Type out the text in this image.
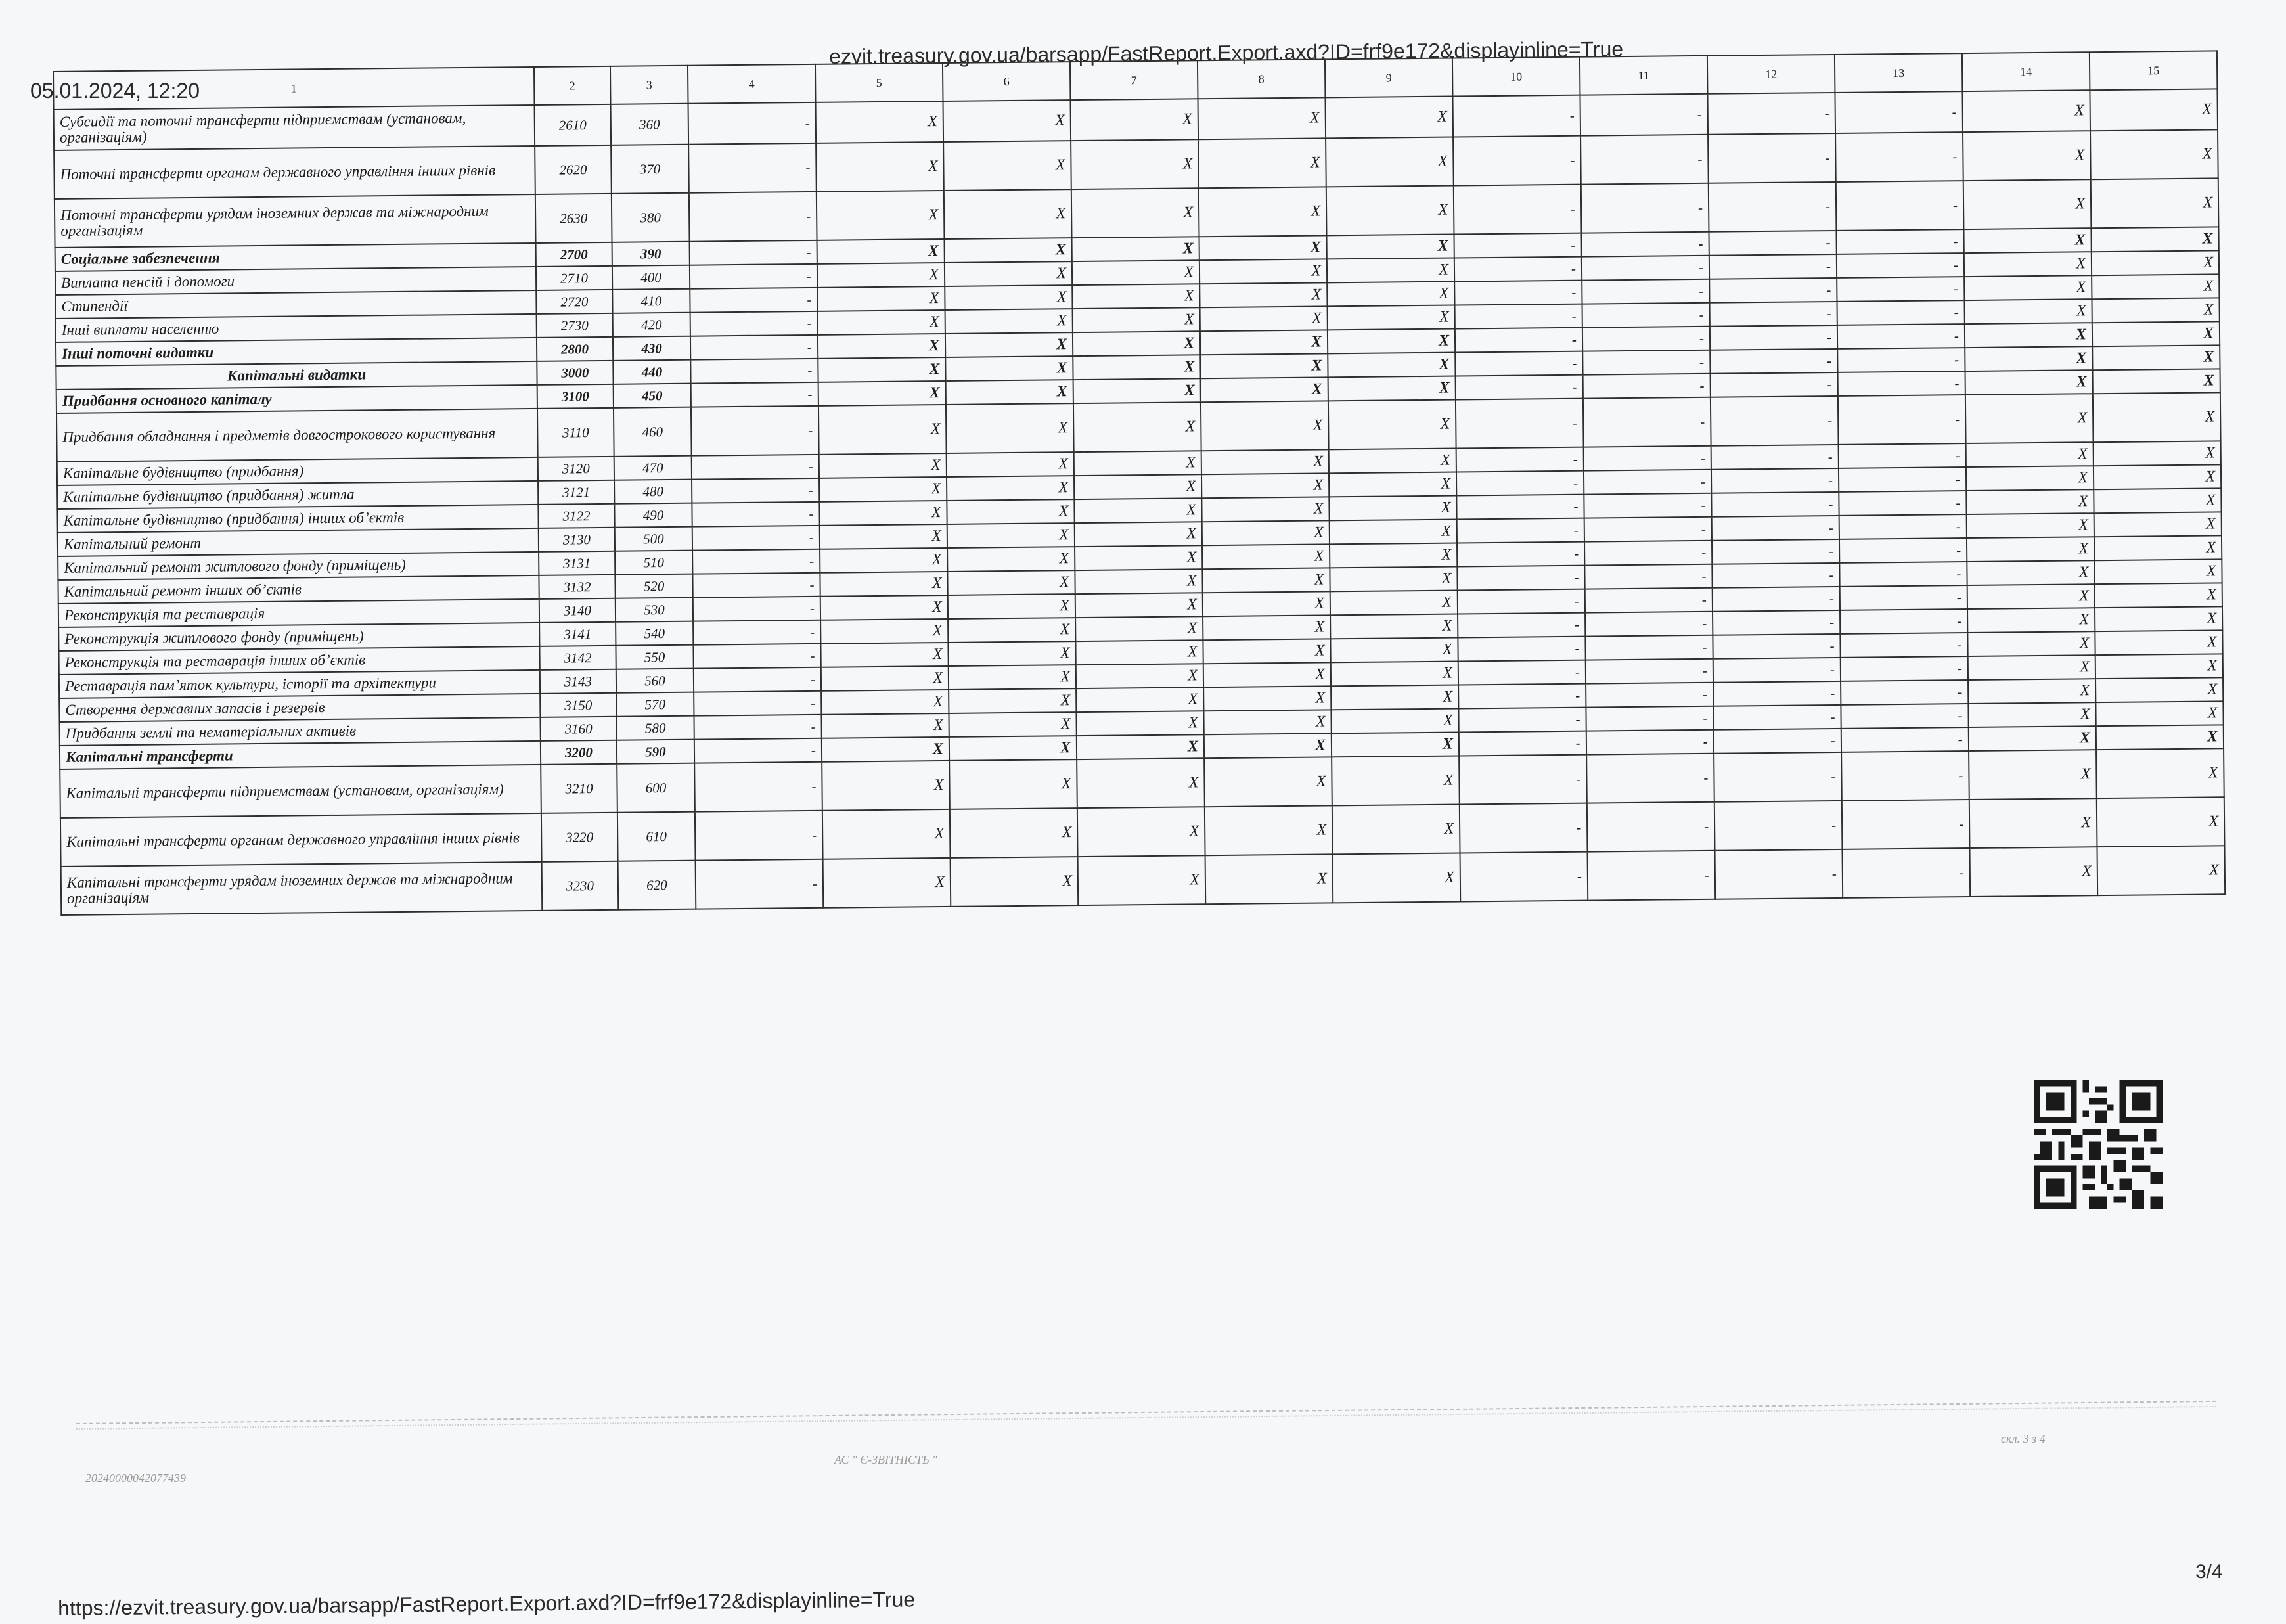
05.01.2024, 12:20
ezvit.treasury.gov.ua/barsapp/FastReport.Export.axd?ID=frf9e172&displayinline=True
1	2	3	4	5	6	7	8	9	10	11	12	13	14	15
Субсидії та поточні трансферти підприємствам (установам, організаціям)	2610	360	-	X	X	X	X	X	-	-	-	-	X	X
Поточні трансферти органам державного управління інших рівнів	2620	370	-	X	X	X	X	X	-	-	-	-	X	X
Поточні трансферти урядам іноземних держав та міжнародним організаціям	2630	380	-	X	X	X	X	X	-	-	-	-	X	X
Соціальне забезпечення	2700	390	-	X	X	X	X	X	-	-	-	-	X	X
Виплата пенсій і допомоги	2710	400	-	X	X	X	X	X	-	-	-	-	X	X
Стипендії	2720	410	-	X	X	X	X	X	-	-	-	-	X	X
Інші виплати населенню	2730	420	-	X	X	X	X	X	-	-	-	-	X	X
Інші поточні видатки	2800	430	-	X	X	X	X	X	-	-	-	-	X	X
Капітальні видатки	3000	440	-	X	X	X	X	X	-	-	-	-	X	X
Придбання основного капіталу	3100	450	-	X	X	X	X	X	-	-	-	-	X	X
Придбання обладнання і предметів довгострокового користування	3110	460	-	X	X	X	X	X	-	-	-	-	X	X
Капітальне будівництво (придбання)	3120	470	-	X	X	X	X	X	-	-	-	-	X	X
Капітальне будівництво (придбання) житла	3121	480	-	X	X	X	X	X	-	-	-	-	X	X
Капітальне будівництво (придбання) інших об’єктів	3122	490	-	X	X	X	X	X	-	-	-	-	X	X
Капітальний ремонт	3130	500	-	X	X	X	X	X	-	-	-	-	X	X
Капітальний ремонт житлового фонду (приміщень)	3131	510	-	X	X	X	X	X	-	-	-	-	X	X
Капітальний ремонт інших об’єктів	3132	520	-	X	X	X	X	X	-	-	-	-	X	X
Реконструкція та реставрація	3140	530	-	X	X	X	X	X	-	-	-	-	X	X
Реконструкція житлового фонду (приміщень)	3141	540	-	X	X	X	X	X	-	-	-	-	X	X
Реконструкція та реставрація інших об’єктів	3142	550	-	X	X	X	X	X	-	-	-	-	X	X
Реставрація пам’яток культури, історії та архітектури	3143	560	-	X	X	X	X	X	-	-	-	-	X	X
Створення державних запасів і резервів	3150	570	-	X	X	X	X	X	-	-	-	-	X	X
Придбання землі та нематеріальних активів	3160	580	-	X	X	X	X	X	-	-	-	-	X	X
Капітальні трансферти	3200	590	-	X	X	X	X	X	-	-	-	-	X	X
Капітальні трансферти підприємствам (установам, організаціям)	3210	600	-	X	X	X	X	X	-	-	-	-	X	X
Капітальні трансферти органам державного управління інших рівнів	3220	610	-	X	X	X	X	X	-	-	-	-	X	X
Капітальні трансферти урядам іноземних держав та міжнародним організаціям	3230	620	-	X	X	X	X	X	-	-	-	-	X	X
скл. 3 з 4
АС " Є-ЗВІТНІСТЬ "
20240000042077439
3/4
https://ezvit.treasury.gov.ua/barsapp/FastReport.Export.axd?ID=frf9e172&displayinline=True
